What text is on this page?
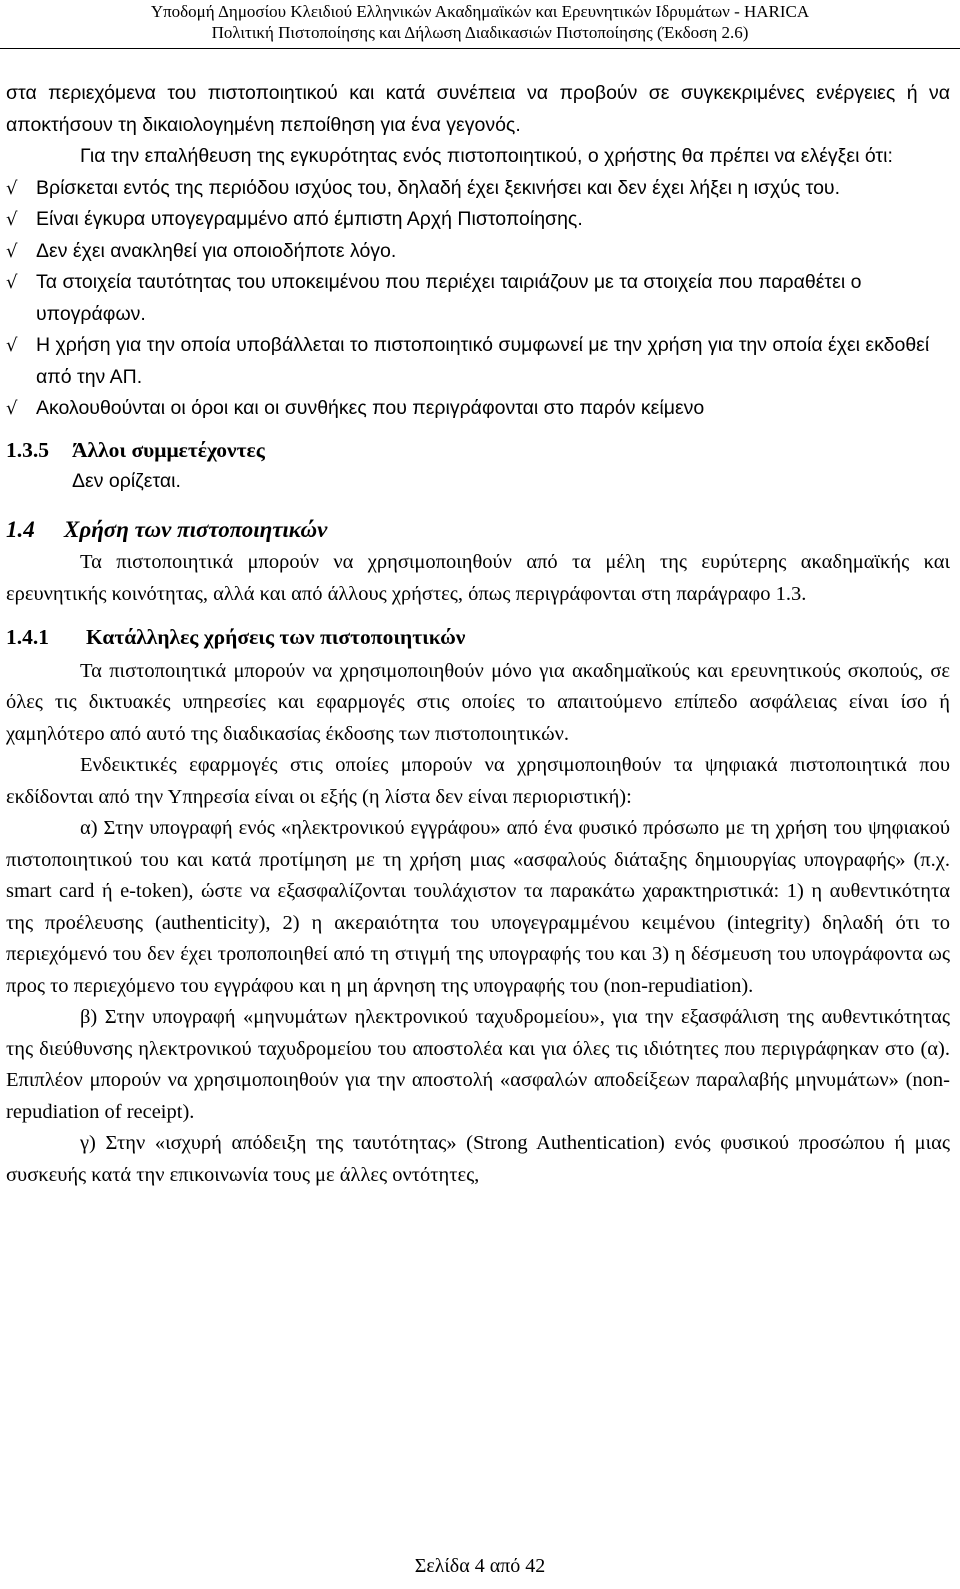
Υποδομή Δημοσίου Κλειδιού Ελληνικών Ακαδημαϊκών και Ερευνητικών Ιδρυμάτων - HARICA
Πολιτική Πιστοποίησης και Δήλωση Διαδικασιών Πιστοποίησης (Έκδοση 2.6)

στα περιεχόμενα του πιστοποιητικού και κατά συνέπεια να προβούν σε συγκεκριμένες ενέργειες ή να αποκτήσουν τη δικαιολογημένη πεποίθηση για ένα γεγονός.

Για την επαλήθευση της εγκυρότητας ενός πιστοποιητικού, ο χρήστης θα πρέπει να ελέγξει ότι:

√ Βρίσκεται εντός της περιόδου ισχύος του, δηλαδή έχει ξεκινήσει και δεν έχει λήξει η ισχύς του.

√ Είναι έγκυρα υπογεγραμμένο από έμπιστη Αρχή Πιστοποίησης.

√ Δεν έχει ανακληθεί για οποιοδήποτε λόγο.

√ Τα στοιχεία ταυτότητας του υποκειμένου που περιέχει ταιριάζουν με τα στοιχεία που παραθέτει ο υπογράφων.

√ Η χρήση για την οποία υποβάλλεται το πιστοποιητικό συμφωνεί με την χρήση για την οποία έχει εκδοθεί από την ΑΠ.

√ Ακολουθούνται οι όροι και οι συνθήκες που περιγράφονται στο παρόν κείμενο

1.3.5 Άλλοι συμμετέχοντες

Δεν ορίζεται.

1.4 Χρήση των πιστοποιητικών

Τα πιστοποιητικά μπορούν να χρησιμοποιηθούν από τα μέλη της ευρύτερης ακαδημαϊκής και ερευνητικής κοινότητας, αλλά και από άλλους χρήστες, όπως περιγράφονται στη παράγραφο 1.3.

1.4.1 Κατάλληλες χρήσεις των πιστοποιητικών

Τα πιστοποιητικά μπορούν να χρησιμοποιηθούν μόνο για ακαδημαϊκούς και ερευνητικούς σκοπούς, σε όλες τις δικτυακές υπηρεσίες και εφαρμογές στις οποίες το απαιτούμενο επίπεδο ασφάλειας είναι ίσο ή χαμηλότερο από αυτό της διαδικασίας έκδοσης των πιστοποιητικών.

Ενδεικτικές εφαρμογές στις οποίες μπορούν να χρησιμοποιηθούν τα ψηφιακά πιστοποιητικά που εκδίδονται από την Υπηρεσία είναι οι εξής (η λίστα δεν είναι περιοριστική):

α) Στην υπογραφή ενός «ηλεκτρονικού εγγράφου» από ένα φυσικό πρόσωπο με τη χρήση του ψηφιακού πιστοποιητικού του και κατά προτίμηση με τη χρήση μιας «ασφαλούς διάταξης δημιουργίας υπογραφής» (π.χ. smart card ή e-token), ώστε να εξασφαλίζονται τουλάχιστον τα παρακάτω χαρακτηριστικά: 1) η αυθεντικότητα της προέλευσης (authenticity), 2) η ακεραιότητα του υπογεγραμμένου κειμένου (integrity) δηλαδή ότι το περιεχόμενό του δεν έχει τροποποιηθεί από τη στιγμή της υπογραφής του και 3) η δέσμευση του υπογράφοντα ως προς το περιεχόμενο του εγγράφου και η μη άρνηση της υπογραφής του (non-repudiation).

β) Στην υπογραφή «μηνυμάτων ηλεκτρονικού ταχυδρομείου», για την εξασφάλιση της αυθεντικότητας της διεύθυνσης ηλεκτρονικού ταχυδρομείου του αποστολέα και για όλες τις ιδιότητες που περιγράφηκαν στο (α). Επιπλέον μπορούν να χρησιμοποιηθούν για την αποστολή «ασφαλών αποδείξεων παραλαβής μηνυμάτων» (non-repudiation of receipt).

γ) Στην «ισχυρή απόδειξη της ταυτότητας» (Strong Authentication) ενός φυσικού προσώπου ή μιας συσκευής κατά την επικοινωνία τους με άλλες οντότητες,

Σελίδα 4 από 42
